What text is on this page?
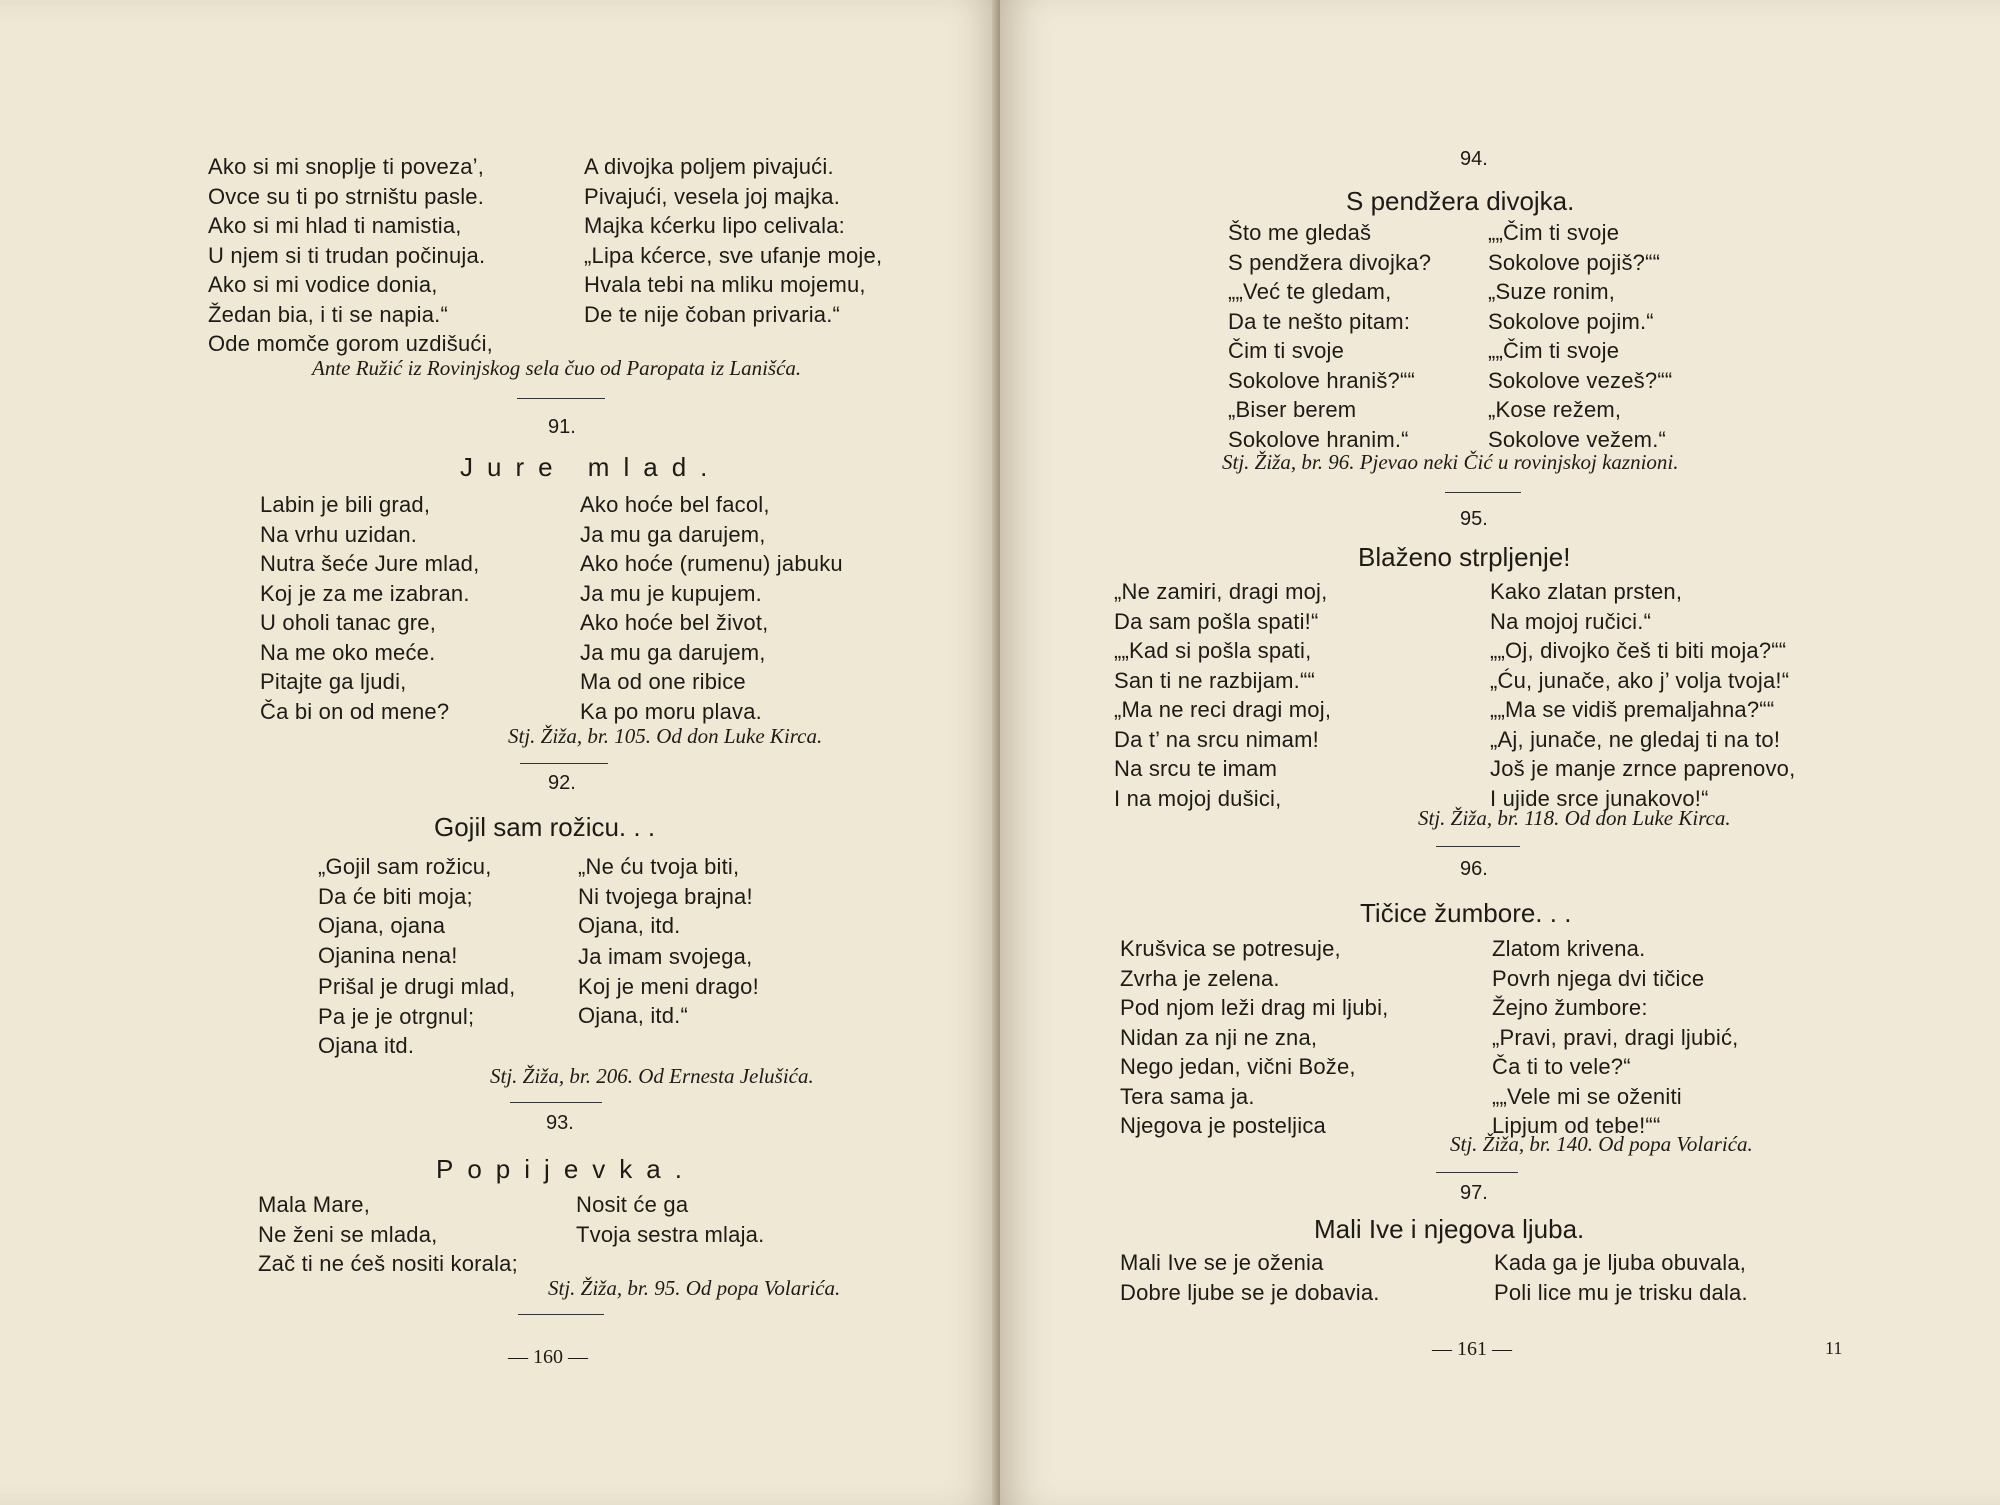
Ako si mi snoplje ti poveza’,
Ovce su ti po strništu pasle.
Ako si mi hlad ti namistia,
U njem si ti trudan počinuja.
Ako si mi vodice donia,
Žedan bia, i ti se napia.“
Ode momče gorom uzdišući,
A divojka poljem pivajući.
Pivajući, vesela joj majka.
Majka kćerku lipo celivala:
„Lipa kćerce, sve ufanje moje,
Hvala tebi na mliku mojemu,
De te nije čoban privaria.“
Ante Ružić iz Rovinjskog sela čuo od Paropata iz Lanišća.
91.
Jure mlad.
Labin je bili grad,
Na vrhu uzidan.
Nutra šeće Jure mlad,
Koj je za me izabran.
U oholi tanac gre,
Na me oko meće.
Pitajte ga ljudi,
Ča bi on od mene?
Ako hoće bel facol,
Ja mu ga darujem,
Ako hoće (rumenu) jabuku
Ja mu je kupujem.
Ako hoće bel život,
Ja mu ga darujem,
Ma od one ribice
Ka po moru plava.
Stj. Žiža, br. 105. Od don Luke Kirca.
92.
Gojil sam rožicu. . .
„Gojil sam rožicu,
Da će biti moja;
Ojana, ojana
Ojanina nena!
Prišal je drugi mlad,
Pa je je otrgnul;
Ojana itd.
„Ne ću tvoja biti,
Ni tvojega brajna!
Ojana, itd.
Ja imam svojega,
Koj je meni drago!
Ojana, itd.“
Stj. Žiža, br. 206. Od Ernesta Jelušića.
93.
Popijevka.
Mala Mare,
Ne ženi se mlada,
Zač ti ne ćeš nositi korala;
Nosit će ga
Tvoja sestra mlaja.
Stj. Žiža, br. 95. Od popa Volarića.
— 160 —
94.
S pendžera divojka.
Što me gledaš
S pendžera divojka?
„„Već te gledam,
Da te nešto pitam:
Čim ti svoje
Sokolove hraniš?““
„Biser berem
Sokolove hranim.“
„„Čim ti svoje
Sokolove pojiš?““
„Suze ronim,
Sokolove pojim.“
„„Čim ti svoje
Sokolove vezeš?““
„Kose režem,
Sokolove vežem.“
Stj. Žiža, br. 96. Pjevao neki Čić u rovinjskoj kaznioni.
95.
Blaženo strpljenje!
„Ne zamiri, dragi moj,
Da sam pošla spati!“
„„Kad si pošla spati,
San ti ne razbijam.““
„Ma ne reci dragi moj,
Da t’ na srcu nimam!
Na srcu te imam
I na mojoj dušici,
Kako zlatan prsten,
Na mojoj ručici.“
„„Oj, divojko češ ti biti moja?““
„Ću, junače, ako j’ volja tvoja!“
„„Ma se vidiš premaljahna?““
„Aj, junače, ne gledaj ti na to!
Još je manje zrnce paprenovo,
I ujide srce junakovo!“
Stj. Žiža, br. 118. Od don Luke Kirca.
96.
Tičice žumbore. . .
Krušvica se potresuje,
Zvrha je zelena.
Pod njom leži drag mi ljubi,
Nidan za nji ne zna,
Nego jedan, vični Bože,
Tera sama ja.
Njegova je posteljica
Zlatom krivena.
Povrh njega dvi tičice
Žejno žumbore:
„Pravi, pravi, dragi ljubić,
Ča ti to vele?“
„„Vele mi se oženiti
Lipjum od tebe!““
Stj. Žiža, br. 140. Od popa Volarića.
97.
Mali Ive i njegova ljuba.
Mali Ive se je oženia
Dobre ljube se je dobavia.
Kada ga je ljuba obuvala,
Poli lice mu je trisku dala.
— 161 —	11
